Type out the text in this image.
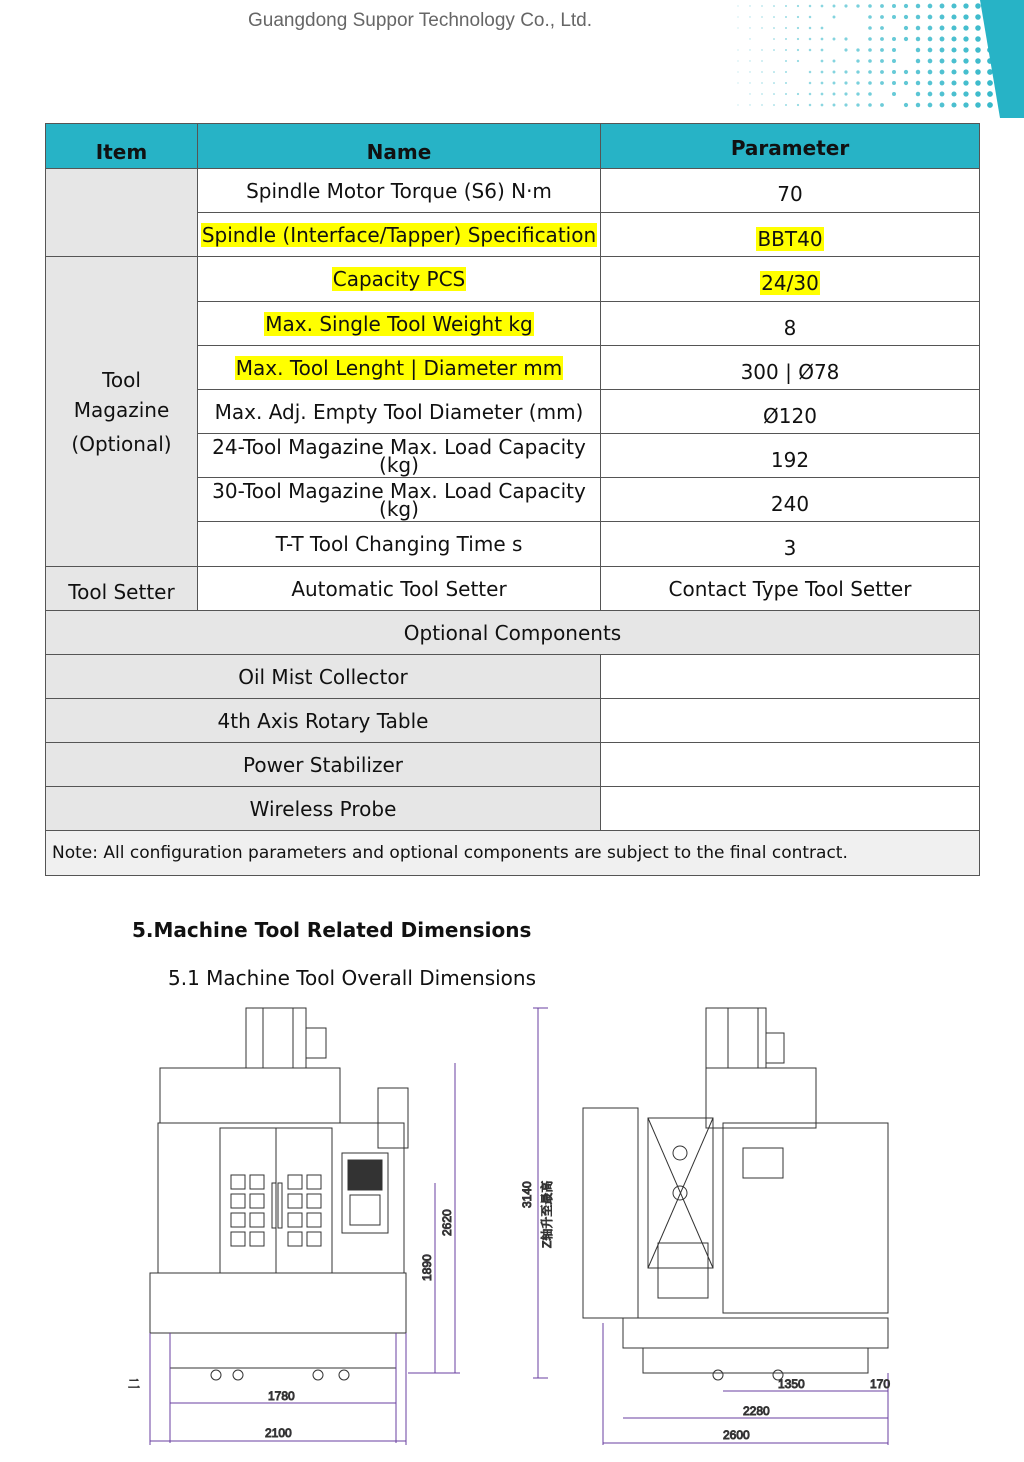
Guangdong Suppor Technology Co., Ltd.
Item	Name	Parameter
	Spindle Motor Torque (S6) N·m	70
	Spindle (Interface/Tapper) Specification	BBT40

Tool
Magazine
(Optional)	Capacity PCS	24/30
	Max. Single Tool Weight kg	8
	Max. Tool Lenght | Diameter mm	300 | Ø78
	Max. Adj. Empty Tool Diameter (mm)	Ø120
	24-Tool Magazine Max. Load Capacity (kg)	192
	30-Tool Magazine Max. Load Capacity (kg)	240
	T-T Tool Changing Time s	3
Tool Setter	Automatic Tool Setter	Contact Type Tool Setter
Optional Components		
Oil Mist Collector		
4th Axis Rotary Table		
Power Stabilizer		
Wireless Probe		
Note: All configuration parameters and optional components are subject to the final contract.		
5.Machine Tool Related Dimensions
5.1 Machine Tool Overall Dimensions
二
1780
2100
1890
2620
3140 Z轴升至最高
1350	170
2280
2600
